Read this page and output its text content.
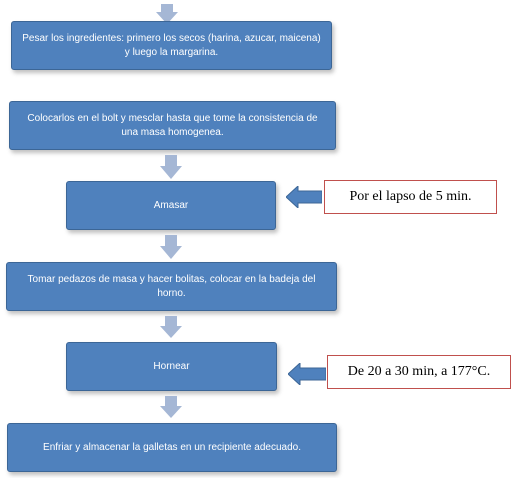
Pesar los ingredientes: primero los secos (harina, azucar, maicena) y luego la margarina.
Colocarlos en el bolt y mesclar hasta que tome la consistencia de una masa homogenea.
Amasar
Por el lapso de 5 min.
Tomar pedazos de masa y hacer bolitas, colocar en la badeja del horno.
Hornear	De 20 a 30 min, a 177°C.
Enfriar y almacenar la galletas en un recipiente adecuado.
